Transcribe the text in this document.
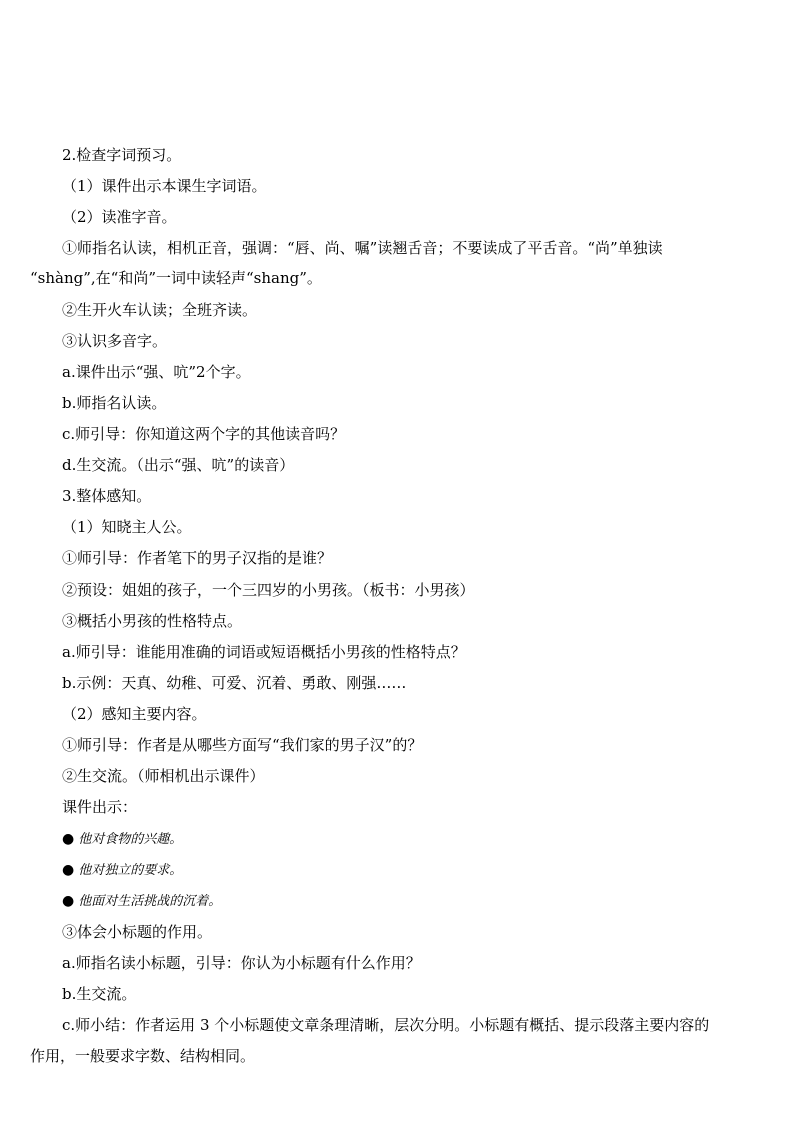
2.检查字词预习。
（1）课件出示本课生字词语。
（2）读准字音。
①师指名认读，相机正音，强调：“唇、尚、嘱”读翘舌音；不要读成了平舌音。“尚”单独读
“shàng”,在“和尚”一词中读轻声“shang”。
②生开火车认读；全班齐读。
③认识多音字。
a.课件出示“强、吭”2个字。
b.师指名认读。
c.师引导：你知道这两个字的其他读音吗？
d.生交流。（出示“强、吭”的读音）
3.整体感知。
（1）知晓主人公。
①师引导：作者笔下的男子汉指的是谁？
②预设：姐姐的孩子，一个三四岁的小男孩。（板书：小男孩）
③概括小男孩的性格特点。
a.师引导：谁能用准确的词语或短语概括小男孩的性格特点？
b.示例：天真、幼稚、可爱、沉着、勇敢、刚强……
（2）感知主要内容。
①师引导：作者是从哪些方面写“我们家的男子汉”的？
②生交流。（师相机出示课件）
课件出示：
● 他对食物的兴趣。
● 他对独立的要求。
● 他面对生活挑战的沉着。
③体会小标题的作用。
a.师指名读小标题，引导：你认为小标题有什么作用？
b.生交流。
c.师小结：作者运用 3 个小标题使文章条理清晰，层次分明。小标题有概括、提示段落主要内容的
作用，一般要求字数、结构相同。
